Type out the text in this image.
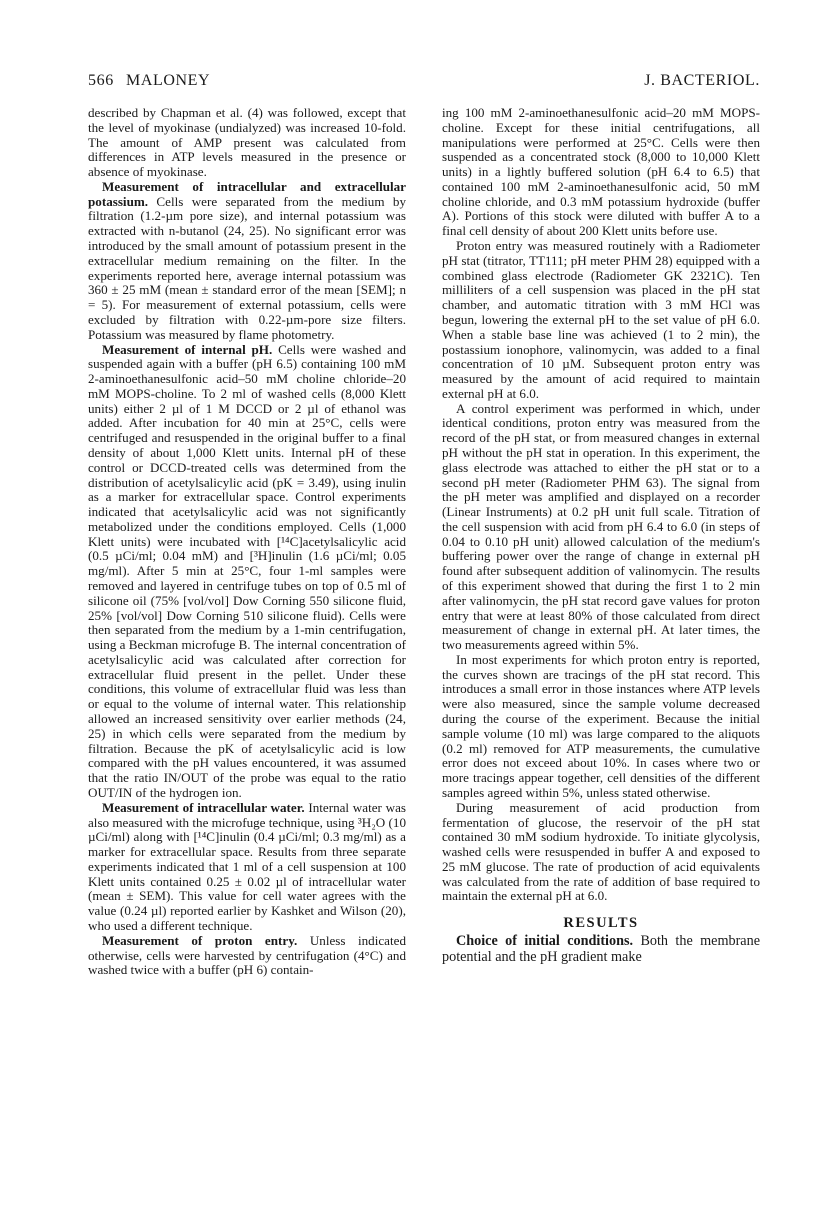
566 MALONEY	J. BACTERIOL.

described by Chapman et al. (4) was followed, except that the level of myokinase (undialyzed) was increased 10-fold. The amount of AMP present was calculated from differences in ATP levels measured in the presence or absence of myokinase.

Measurement of intracellular and extracellular potassium. Cells were separated from the medium by filtration (1.2-µm pore size), and internal potassium was extracted with n-butanol (24, 25). No significant error was introduced by the small amount of potassium present in the extracellular medium remaining on the filter. In the experiments reported here, average internal potassium was 360 ± 25 mM (mean ± standard error of the mean [SEM]; n = 5). For measurement of external potassium, cells were excluded by filtration with 0.22-µm-pore size filters. Potassium was measured by flame photometry.

Measurement of internal pH. Cells were washed and suspended again with a buffer (pH 6.5) containing 100 mM 2-aminoethanesulfonic acid–50 mM choline chloride–20 mM MOPS-choline. To 2 ml of washed cells (8,000 Klett units) either 2 µl of 1 M DCCD or 2 µl of ethanol was added. After incubation for 40 min at 25°C, cells were centrifuged and resuspended in the original buffer to a final density of about 1,000 Klett units. Internal pH of these control or DCCD-treated cells was determined from the distribution of acetylsalicylic acid (pK = 3.49), using inulin as a marker for extracellular space. Control experiments indicated that acetylsalicylic acid was not significantly metabolized under the conditions employed. Cells (1,000 Klett units) were incubated with [¹⁴C]acetylsalicylic acid (0.5 µCi/ml; 0.04 mM) and [³H]inulin (1.6 µCi/ml; 0.05 mg/ml). After 5 min at 25°C, four 1-ml samples were removed and layered in centrifuge tubes on top of 0.5 ml of silicone oil (75% [vol/vol] Dow Corning 550 silicone fluid, 25% [vol/vol] Dow Corning 510 silicone fluid). Cells were then separated from the medium by a 1-min centrifugation, using a Beckman microfuge B. The internal concentration of acetylsalicylic acid was calculated after correction for extracellular fluid present in the pellet. Under these conditions, this volume of extracellular fluid was less than or equal to the volume of internal water. This relationship allowed an increased sensitivity over earlier methods (24, 25) in which cells were separated from the medium by filtration. Because the pK of acetylsalicylic acid is low compared with the pH values encountered, it was assumed that the ratio IN/OUT of the probe was equal to the ratio OUT/IN of the hydrogen ion.

Measurement of intracellular water. Internal water was also measured with the microfuge technique, using ³H₂O (10 µCi/ml) along with [¹⁴C]inulin (0.4 µCi/ml; 0.3 mg/ml) as a marker for extracellular space. Results from three separate experiments indicated that 1 ml of a cell suspension at 100 Klett units contained 0.25 ± 0.02 µl of intracellular water (mean ± SEM). This value for cell water agrees with the value (0.24 µl) reported earlier by Kashket and Wilson (20), who used a different technique.

Measurement of proton entry. Unless indicated otherwise, cells were harvested by centrifugation (4°C) and washed twice with a buffer (pH 6) contain-

ing 100 mM 2-aminoethanesulfonic acid–20 mM MOPS-choline. Except for these initial centrifugations, all manipulations were performed at 25°C. Cells were then suspended as a concentrated stock (8,000 to 10,000 Klett units) in a lightly buffered solution (pH 6.4 to 6.5) that contained 100 mM 2-aminoethanesulfonic acid, 50 mM choline chloride, and 0.3 mM potassium hydroxide (buffer A). Portions of this stock were diluted with buffer A to a final cell density of about 200 Klett units before use.

Proton entry was measured routinely with a Radiometer pH stat (titrator, TT111; pH meter PHM 28) equipped with a combined glass electrode (Radiometer GK 2321C). Ten milliliters of a cell suspension was placed in the pH stat chamber, and automatic titration with 3 mM HCl was begun, lowering the external pH to the set value of pH 6.0. When a stable base line was achieved (1 to 2 min), the postassium ionophore, valinomycin, was added to a final concentration of 10 µM. Subsequent proton entry was measured by the amount of acid required to maintain external pH at 6.0.

A control experiment was performed in which, under identical conditions, proton entry was measured from the record of the pH stat, or from measured changes in external pH without the pH stat in operation. In this experiment, the glass electrode was attached to either the pH stat or to a second pH meter (Radiometer PHM 63). The signal from the pH meter was amplified and displayed on a recorder (Linear Instruments) at 0.2 pH unit full scale. Titration of the cell suspension with acid from pH 6.4 to 6.0 (in steps of 0.04 to 0.10 pH unit) allowed calculation of the medium's buffering power over the range of change in external pH found after subsequent addition of valinomycin. The results of this experiment showed that during the first 1 to 2 min after valinomycin, the pH stat record gave values for proton entry that were at least 80% of those calculated from direct measurement of change in external pH. At later times, the two measurements agreed within 5%.

In most experiments for which proton entry is reported, the curves shown are tracings of the pH stat record. This introduces a small error in those instances where ATP levels were also measured, since the sample volume decreased during the course of the experiment. Because the initial sample volume (10 ml) was large compared to the aliquots (0.2 ml) removed for ATP measurements, the cumulative error does not exceed about 10%. In cases where two or more tracings appear together, cell densities of the different samples agreed within 5%, unless stated otherwise.

During measurement of acid production from fermentation of glucose, the reservoir of the pH stat contained 30 mM sodium hydroxide. To initiate glycolysis, washed cells were resuspended in buffer A and exposed to 25 mM glucose. The rate of production of acid equivalents was calculated from the rate of addition of base required to maintain the external pH at 6.0.

RESULTS

Choice of initial conditions. Both the membrane potential and the pH gradient make
